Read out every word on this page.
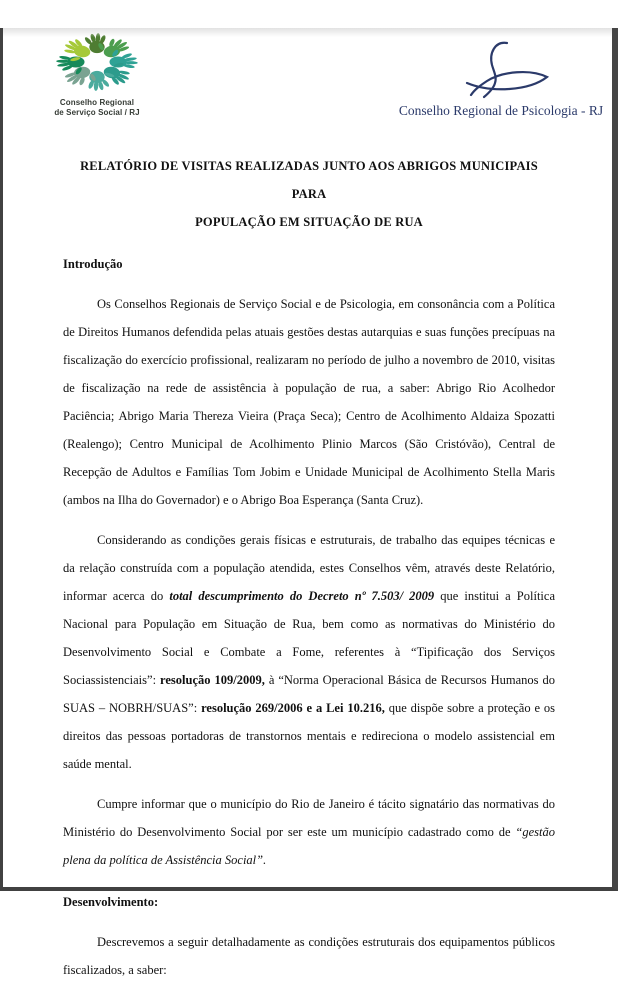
Conselho Regional
de Serviço Social / RJ	Conselho Regional de Psicologia - RJ
RELATÓRIO DE VISITAS REALIZADAS JUNTO AOS ABRIGOS MUNICIPAIS PARA
POPULAÇÃO EM SITUAÇÃO DE RUA
Introdução

Os Conselhos Regionais de Serviço Social e de Psicologia, em consonância com a Política de Direitos Humanos defendida pelas atuais gestões destas autarquias e suas funções precípuas na fiscalização do exercício profissional, realizaram no período de julho a novembro de 2010, visitas de fiscalização na rede de assistência à população de rua, a saber: Abrigo Rio Acolhedor Paciência; Abrigo Maria Thereza Vieira (Praça Seca); Centro de Acolhimento Aldaiza Spozatti (Realengo); Centro Municipal de Acolhimento Plinio Marcos (São Cristóvão), Central de Recepção de Adultos e Famílias Tom Jobim e Unidade Municipal de Acolhimento Stella Maris (ambos na Ilha do Governador) e o Abrigo Boa Esperança (Santa Cruz).

Considerando as condições gerais físicas e estruturais, de trabalho das equipes técnicas e da relação construída com a população atendida, estes Conselhos vêm, através deste Relatório, informar acerca do total descumprimento do Decreto nº 7.503/ 2009 que institui a Política Nacional para População em Situação de Rua, bem como as normativas do Ministério do Desenvolvimento Social e Combate a Fome, referentes à “Tipificação dos Serviços Sociassistenciais”: resolução 109/2009, à “Norma Operacional Básica de Recursos Humanos do SUAS – NOBRH/SUAS”: resolução 269/2006 e a Lei 10.216, que dispõe sobre a proteção e os direitos das pessoas portadoras de transtornos mentais e redireciona o modelo assistencial em saúde mental.

Cumpre informar que o município do Rio de Janeiro é tácito signatário das normativas do Ministério do Desenvolvimento Social por ser este um município cadastrado como de “gestão plena da política de Assistência Social”.

Desenvolvimento:

Descrevemos a seguir detalhadamente as condições estruturais dos equipamentos públicos fiscalizados, a saber:
